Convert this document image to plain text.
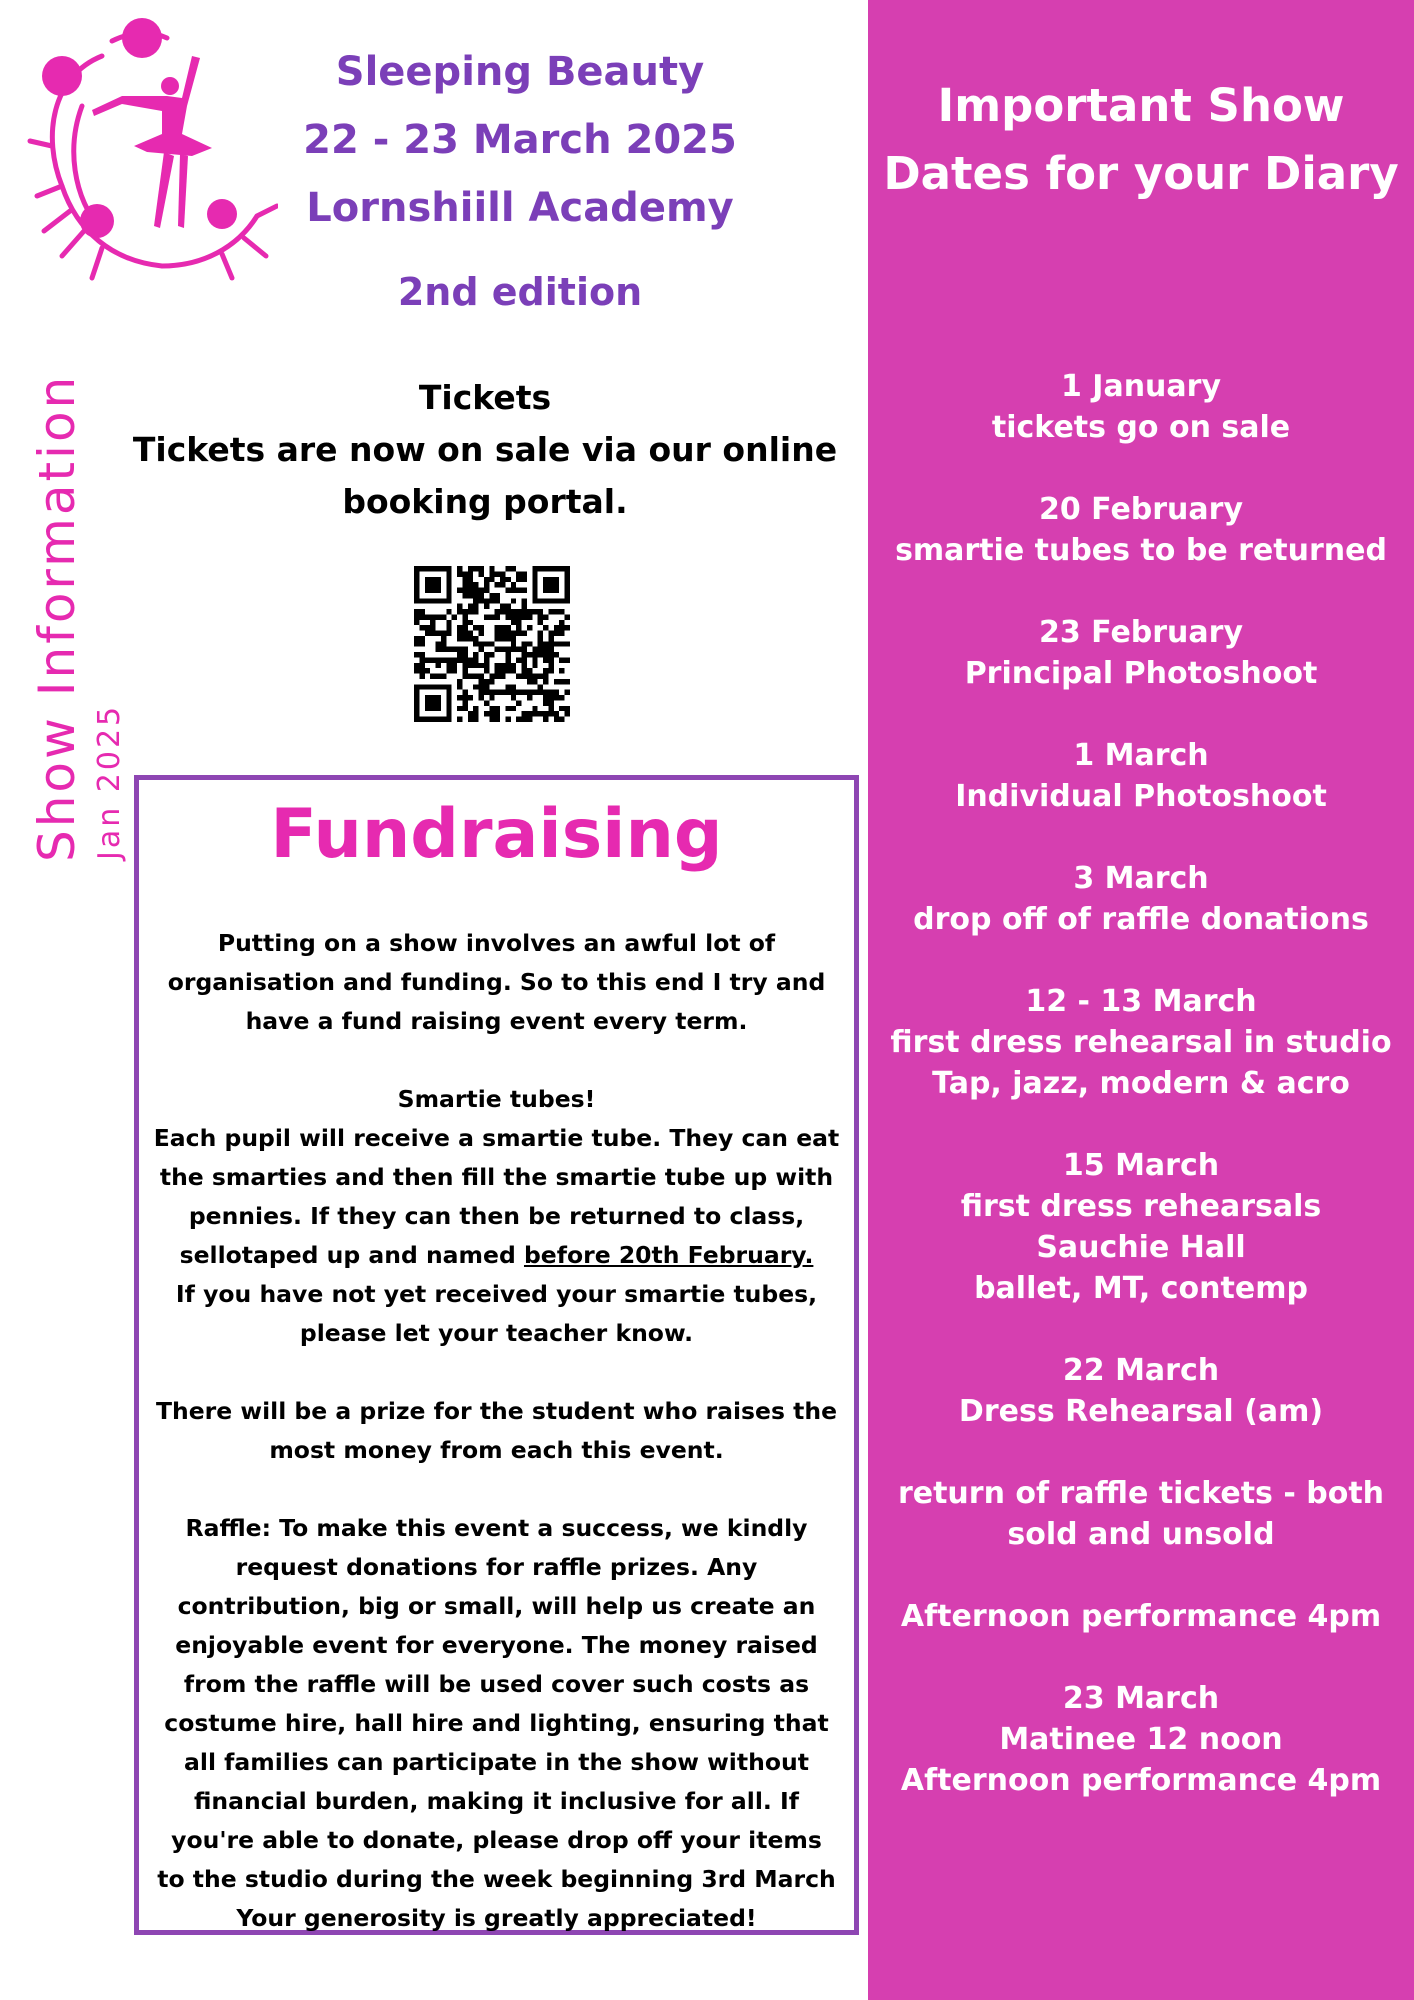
Sleeping Beauty
22 - 23 March 2025
Lornshiill Academy
2nd edition
Show Information Jan 2025
Tickets
Tickets are now on sale via our online
booking portal.
Fundraising

Putting on a show involves an awful lot of
organisation and funding. So to this end I try and
have a fund raising event every term.

Smartie tubes!
Each pupil will receive a smartie tube. They can eat
the smarties and then fill the smartie tube up with
pennies. If they can then be returned to class,
sellotaped up and named before 20th February.
If you have not yet received your smartie tubes,
please let your teacher know.

There will be a prize for the student who raises the
most money from each this event.

Raffle: To make this event a success, we kindly
request donations for raffle prizes. Any
contribution, big or small, will help us create an
enjoyable event for everyone. The money raised
from the raffle will be used cover such costs as
costume hire, hall hire and lighting, ensuring that
all families can participate in the show without
financial burden, making it inclusive for all. If
you're able to donate, please drop off your items
to the studio during the week beginning 3rd March
Your generosity is greatly appreciated!

Important Show
Dates for your Diary
1 January
tickets go on sale
20 February
smartie tubes to be returned
23 February
Principal Photoshoot
1 March
Individual Photoshoot
3 March
drop off of raffle donations
12 - 13 March
first dress rehearsal in studio
Tap, jazz, modern & acro
15 March
first dress rehearsals
Sauchie Hall
ballet, MT, contemp
22 March
Dress Rehearsal (am)
return of raffle tickets - both
sold and unsold
Afternoon performance 4pm
23 March
Matinee 12 noon
Afternoon performance 4pm
